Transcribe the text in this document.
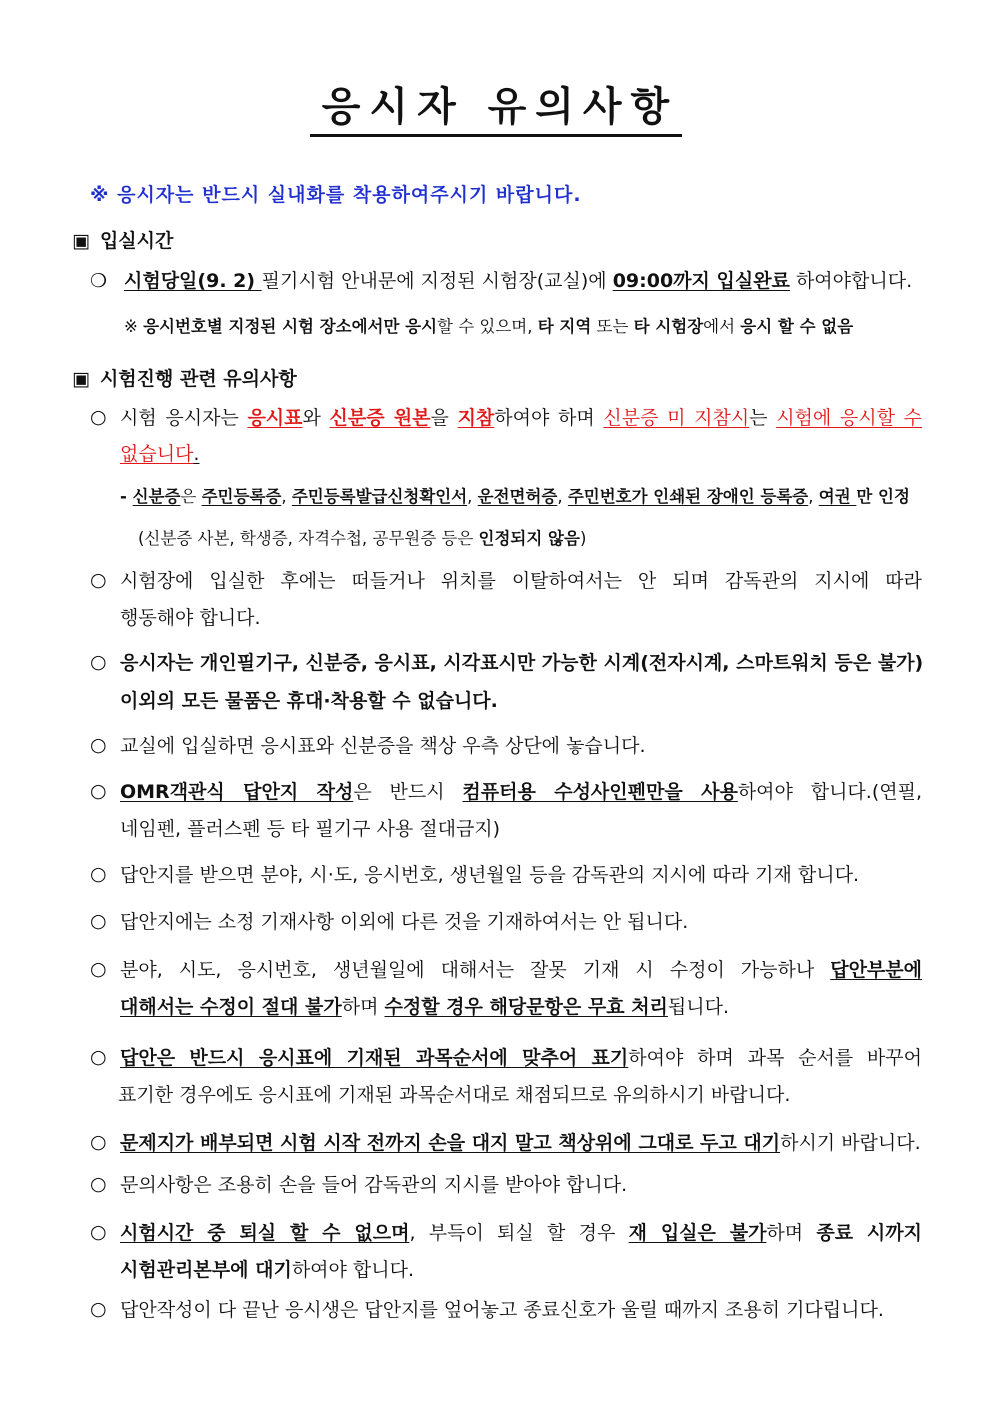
응시자 유의사항
※ 응시자는 반드시 실내화를 착용하여주시기 바랍니다.
▣ 입실시간
❍ 시험당일(9. 2) 필기시험 안내문에 지정된 시험장(교실)에 09:00까지 입실완료 하여야합니다.
※ 응시번호별 지정된 시험 장소에서만 응시할 수 있으며, 타 지역 또는 타 시험장에서 응시 할 수 없음
▣ 시험진행 관련 유의사항
○ 시험 응시자는 응시표와 신분증 원본을 지참하여야 하며 신분증 미 지참시는 시험에 응시할 수
없습니다.
- 신분증은 주민등록증, 주민등록발급신청확인서, 운전면허증, 주민번호가 인쇄된 장애인 등록증, 여권 만 인정
(신분증 사본, 학생증, 자격수첩, 공무원증 등은 인정되지 않음)
○ 시험장에 입실한 후에는 떠들거나 위치를 이탈하여서는 안 되며 감독관의 지시에 따라
행동해야 합니다.
○ 응시자는 개인필기구, 신분증, 응시표, 시각표시만 가능한 시계(전자시계, 스마트워치 등은 불가)
이외의 모든 물품은 휴대·착용할 수 없습니다.
○ 교실에 입실하면 응시표와 신분증을 책상 우측 상단에 놓습니다.
○ OMR객관식 답안지 작성은 반드시 컴퓨터용 수성사인펜만을 사용하여야 합니다.(연필,
네임펜, 플러스펜 등 타 필기구 사용 절대금지)
○ 답안지를 받으면 분야, 시·도, 응시번호, 생년월일 등을 감독관의 지시에 따라 기재 합니다.
○ 답안지에는 소정 기재사항 이외에 다른 것을 기재하여서는 안 됩니다.
○ 분야, 시도, 응시번호, 생년월일에 대해서는 잘못 기재 시 수정이 가능하나 답안부분에
대해서는 수정이 절대 불가하며 수정할 경우 해당문항은 무효 처리됩니다.
○ 답안은 반드시 응시표에 기재된 과목순서에 맞추어 표기하여야 하며 과목 순서를 바꾸어
표기한 경우에도 응시표에 기재된 과목순서대로 채점되므로 유의하시기 바랍니다.
○ 문제지가 배부되면 시험 시작 전까지 손을 대지 말고 책상위에 그대로 두고 대기하시기 바랍니다.
○ 문의사항은 조용히 손을 들어 감독관의 지시를 받아야 합니다.
○ 시험시간 중 퇴실 할 수 없으며, 부득이 퇴실 할 경우 재 입실은 불가하며 종료 시까지
시험관리본부에 대기하여야 합니다.
○ 답안작성이 다 끝난 응시생은 답안지를 엎어놓고 종료신호가 울릴 때까지 조용히 기다립니다.
